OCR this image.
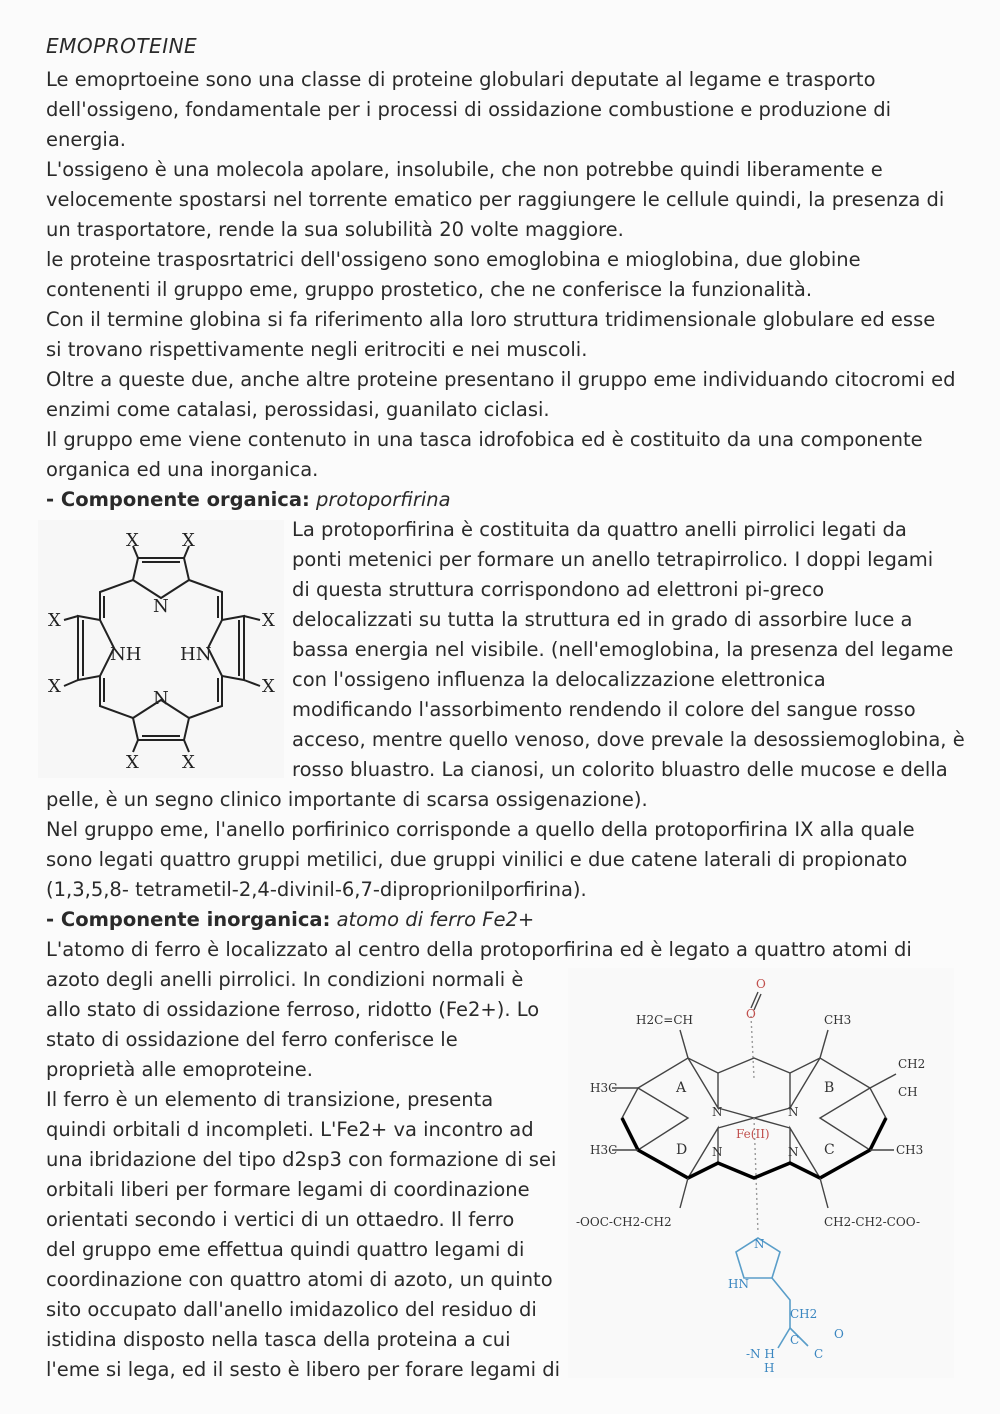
EMOPROTEINE
Le emoprtoeine sono una classe di proteine globulari deputate al legame e trasporto
dell'ossigeno, fondamentale per i processi di ossidazione combustione e produzione di
energia.
L'ossigeno è una molecola apolare, insolubile, che non potrebbe quindi liberamente e
velocemente spostarsi nel torrente ematico per raggiungere le cellule quindi, la presenza di
un trasportatore, rende la sua solubilità 20 volte maggiore.
le proteine trasposrtatrici dell'ossigeno sono emoglobina e mioglobina, due globine
contenenti il gruppo eme, gruppo prostetico, che ne conferisce la funzionalità.
Con il termine globina si fa riferimento alla loro struttura tridimensionale globulare ed esse
si trovano rispettivamente negli eritrociti e nei muscoli.
Oltre a queste due, anche altre proteine presentano il gruppo eme individuando citocromi ed
enzimi come catalasi, perossidasi, guanilato ciclasi.
Il gruppo eme viene contenuto in una tasca idrofobica ed è costituito da una componente
organica ed una inorganica.
- Componente organica: protoporfirina
X X
X X
X
X
X
X
N
N
NH HN
La protoporfirina è costituita da quattro anelli pirrolici legati da
ponti metenici per formare un anello tetrapirrolico. I doppi legami
di questa struttura corrispondono ad elettroni pi-greco
delocalizzati su tutta la struttura ed in grado di assorbire luce a
bassa energia nel visibile. (nell'emoglobina, la presenza del legame
con l'ossigeno influenza la delocalizzazione elettronica
modificando l'assorbimento rendendo il colore del sangue rosso
acceso, mentre quello venoso, dove prevale la desossiemoglobina, è
rosso bluastro. La cianosi, un colorito bluastro delle mucose e della
pelle, è un segno clinico importante di scarsa ossigenazione).
Nel gruppo eme, l'anello porfirinico corrisponde a quello della protoporfirina IX alla quale
sono legati quattro gruppi metilici, due gruppi vinilici e due catene laterali di propionato
(1,3,5,8- tetrametil-2,4-divinil-6,7-diproprionilporfirina).
- Componente inorganica: atomo di ferro Fe2+
L'atomo di ferro è localizzato al centro della protoporfirina ed è legato a quattro atomi di
azoto degli anelli pirrolici. In condizioni normali è
allo stato di ossidazione ferroso, ridotto (Fe2+). Lo
stato di ossidazione del ferro conferisce le
proprietà alle emoproteine.
Il ferro è un elemento di transizione, presenta
quindi orbitali d incompleti. L'Fe2+ va incontro ad
una ibridazione del tipo d2sp3 con formazione di sei
orbitali liberi per formare legami di coordinazione
orientati secondo i vertici di un ottaedro. Il ferro
del gruppo eme effettua quindi quattro legami di
coordinazione con quattro atomi di azoto, un quinto
sito occupato dall'anello imidazolico del residuo di
istidina disposto nella tasca della proteina a cui
l'eme si lega, ed il sesto è libero per forare legami di
O
O
Fe(II)
N	N
N	N
H2C=CH	CH3
CH2
CH
H3C
H3C	CH3
A	B
C
D
-OOC-CH2-CH2	CH2-CH2-COO-
N
HN
CH2
-N H
C
H
C
O
